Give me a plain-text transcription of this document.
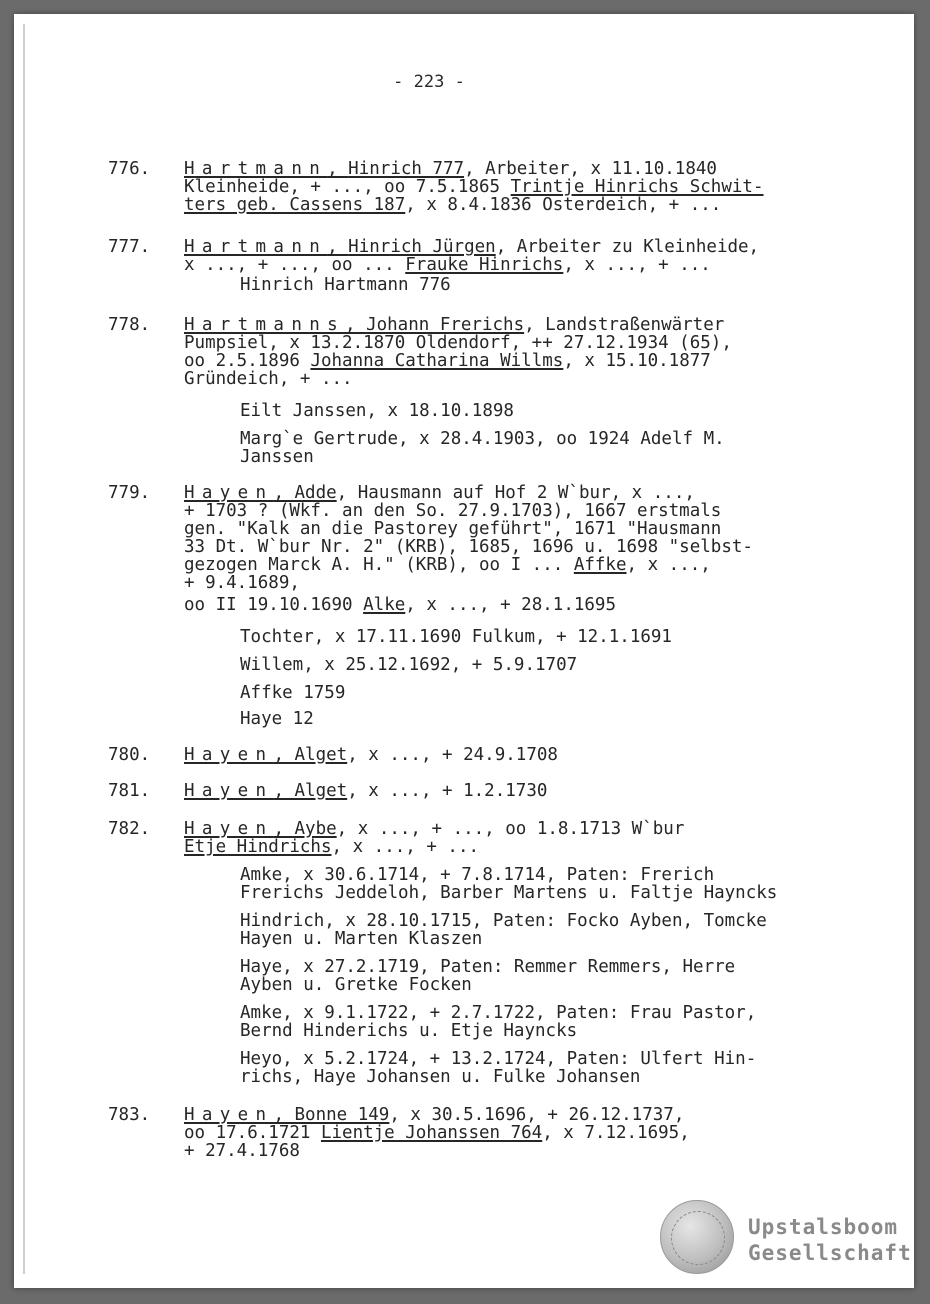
- 223 -
776. Hartmann, Hinrich 777, Arbeiter, x 11.10.1840
Kleinheide, + ..., oo 7.5.1865 Trintje Hinrichs Schwit-
ters geb. Cassens 187, x 8.4.1836 Osterdeich, + ...
777. Hartmann, Hinrich Jürgen, Arbeiter zu Kleinheide,
x ..., + ..., oo ... Frauke Hinrichs, x ..., + ...
Hinrich Hartmann 776
778. Hartmanns, Johann Frerichs, Landstraßenwärter
Pumpsiel, x 13.2.1870 Oldendorf, ++ 27.12.1934 (65),
oo 2.5.1896 Johanna Catharina Willms, x 15.10.1877
Gründeich, + ...
Eilt Janssen, x 18.10.1898
Marg`e Gertrude, x 28.4.1903, oo 1924 Adelf M.
Janssen
779. Hayen, Adde, Hausmann auf Hof 2 W`bur, x ...,
+ 1703 ? (Wkf. an den So. 27.9.1703), 1667 erstmals
gen. "Kalk an die Pastorey geführt", 1671 "Hausmann
33 Dt. W`bur Nr. 2" (KRB), 1685, 1696 u. 1698 "selbst-
gezogen Marck A. H." (KRB), oo I ... Affke, x ...,
+ 9.4.1689,
oo II 19.10.1690 Alke, x ..., + 28.1.1695
Tochter, x 17.11.1690 Fulkum, + 12.1.1691
Willem, x 25.12.1692, + 5.9.1707
Affke 1759
Haye 12
780. Hayen, Alget, x ..., + 24.9.1708
781. Hayen, Alget, x ..., + 1.2.1730
782. Hayen, Aybe, x ..., + ..., oo 1.8.1713 W`bur
Etje Hindrichs, x ..., + ...
Amke, x 30.6.1714, + 7.8.1714, Paten: Frerich
Frerichs Jeddeloh, Barber Martens u. Faltje Hayncks
Hindrich, x 28.10.1715, Paten: Focko Ayben, Tomcke
Hayen u. Marten Klaszen
Haye, x 27.2.1719, Paten: Remmer Remmers, Herre
Ayben u. Gretke Focken
Amke, x 9.1.1722, + 2.7.1722, Paten: Frau Pastor,
Bernd Hinderichs u. Etje Hayncks
Heyo, x 5.2.1724, + 13.2.1724, Paten: Ulfert Hin-
richs, Haye Johansen u. Fulke Johansen
783. Hayen, Bonne 149, x 30.5.1696, + 26.12.1737,
oo 17.6.1721 Lientje Johanssen 764, x 7.12.1695,
+ 27.4.1768
Upstalsboom
Gesellschaft
